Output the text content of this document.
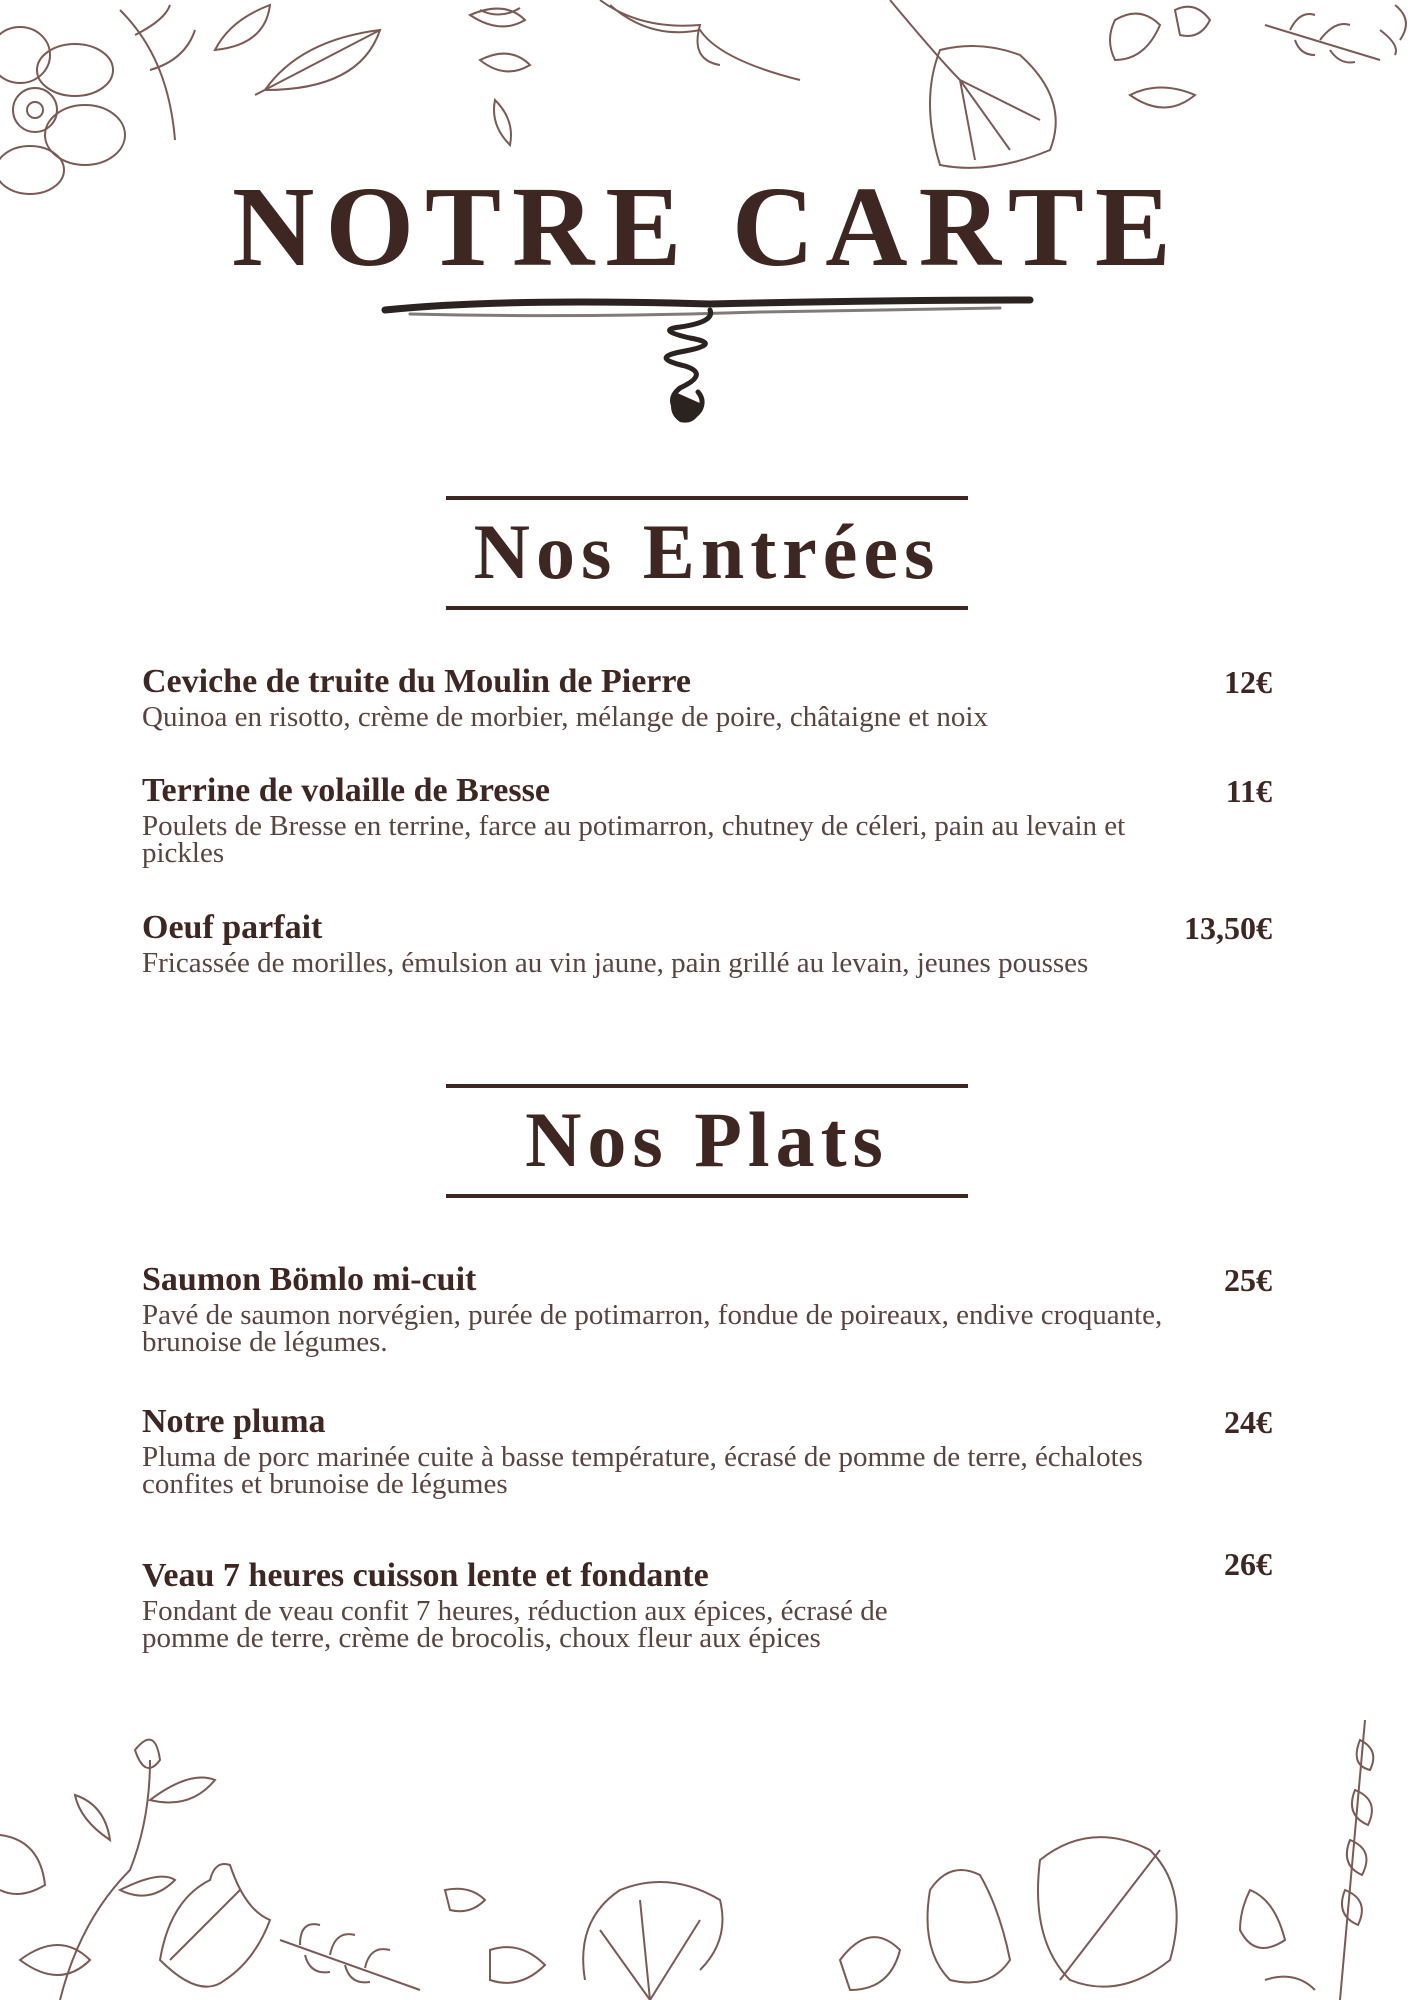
NOTRE CARTE
Nos Entrées
Ceviche de truite du Moulin de Pierre	12€
Quinoa en risotto, crème de morbier, mélange de poire, châtaigne et noix
Terrine de volaille de Bresse	11€
Poulets de Bresse en terrine, farce au potimarron, chutney de céleri, pain au levain et pickles
Oeuf parfait	13,50€
Fricassée de morilles, émulsion au vin jaune, pain grillé au levain, jeunes pousses
Nos Plats
Saumon Bömlo mi-cuit	25€
Pavé de saumon norvégien, purée de potimarron, fondue de poireaux, endive croquante, brunoise de légumes.
Notre pluma	24€
Pluma de porc marinée cuite à basse température, écrasé de pomme de terre, échalotes confites et brunoise de légumes
Veau 7 heures cuisson lente et fondante	26€
Fondant de veau confit 7 heures, réduction aux épices, écrasé de pomme de terre, crème de brocolis, choux fleur aux épices
